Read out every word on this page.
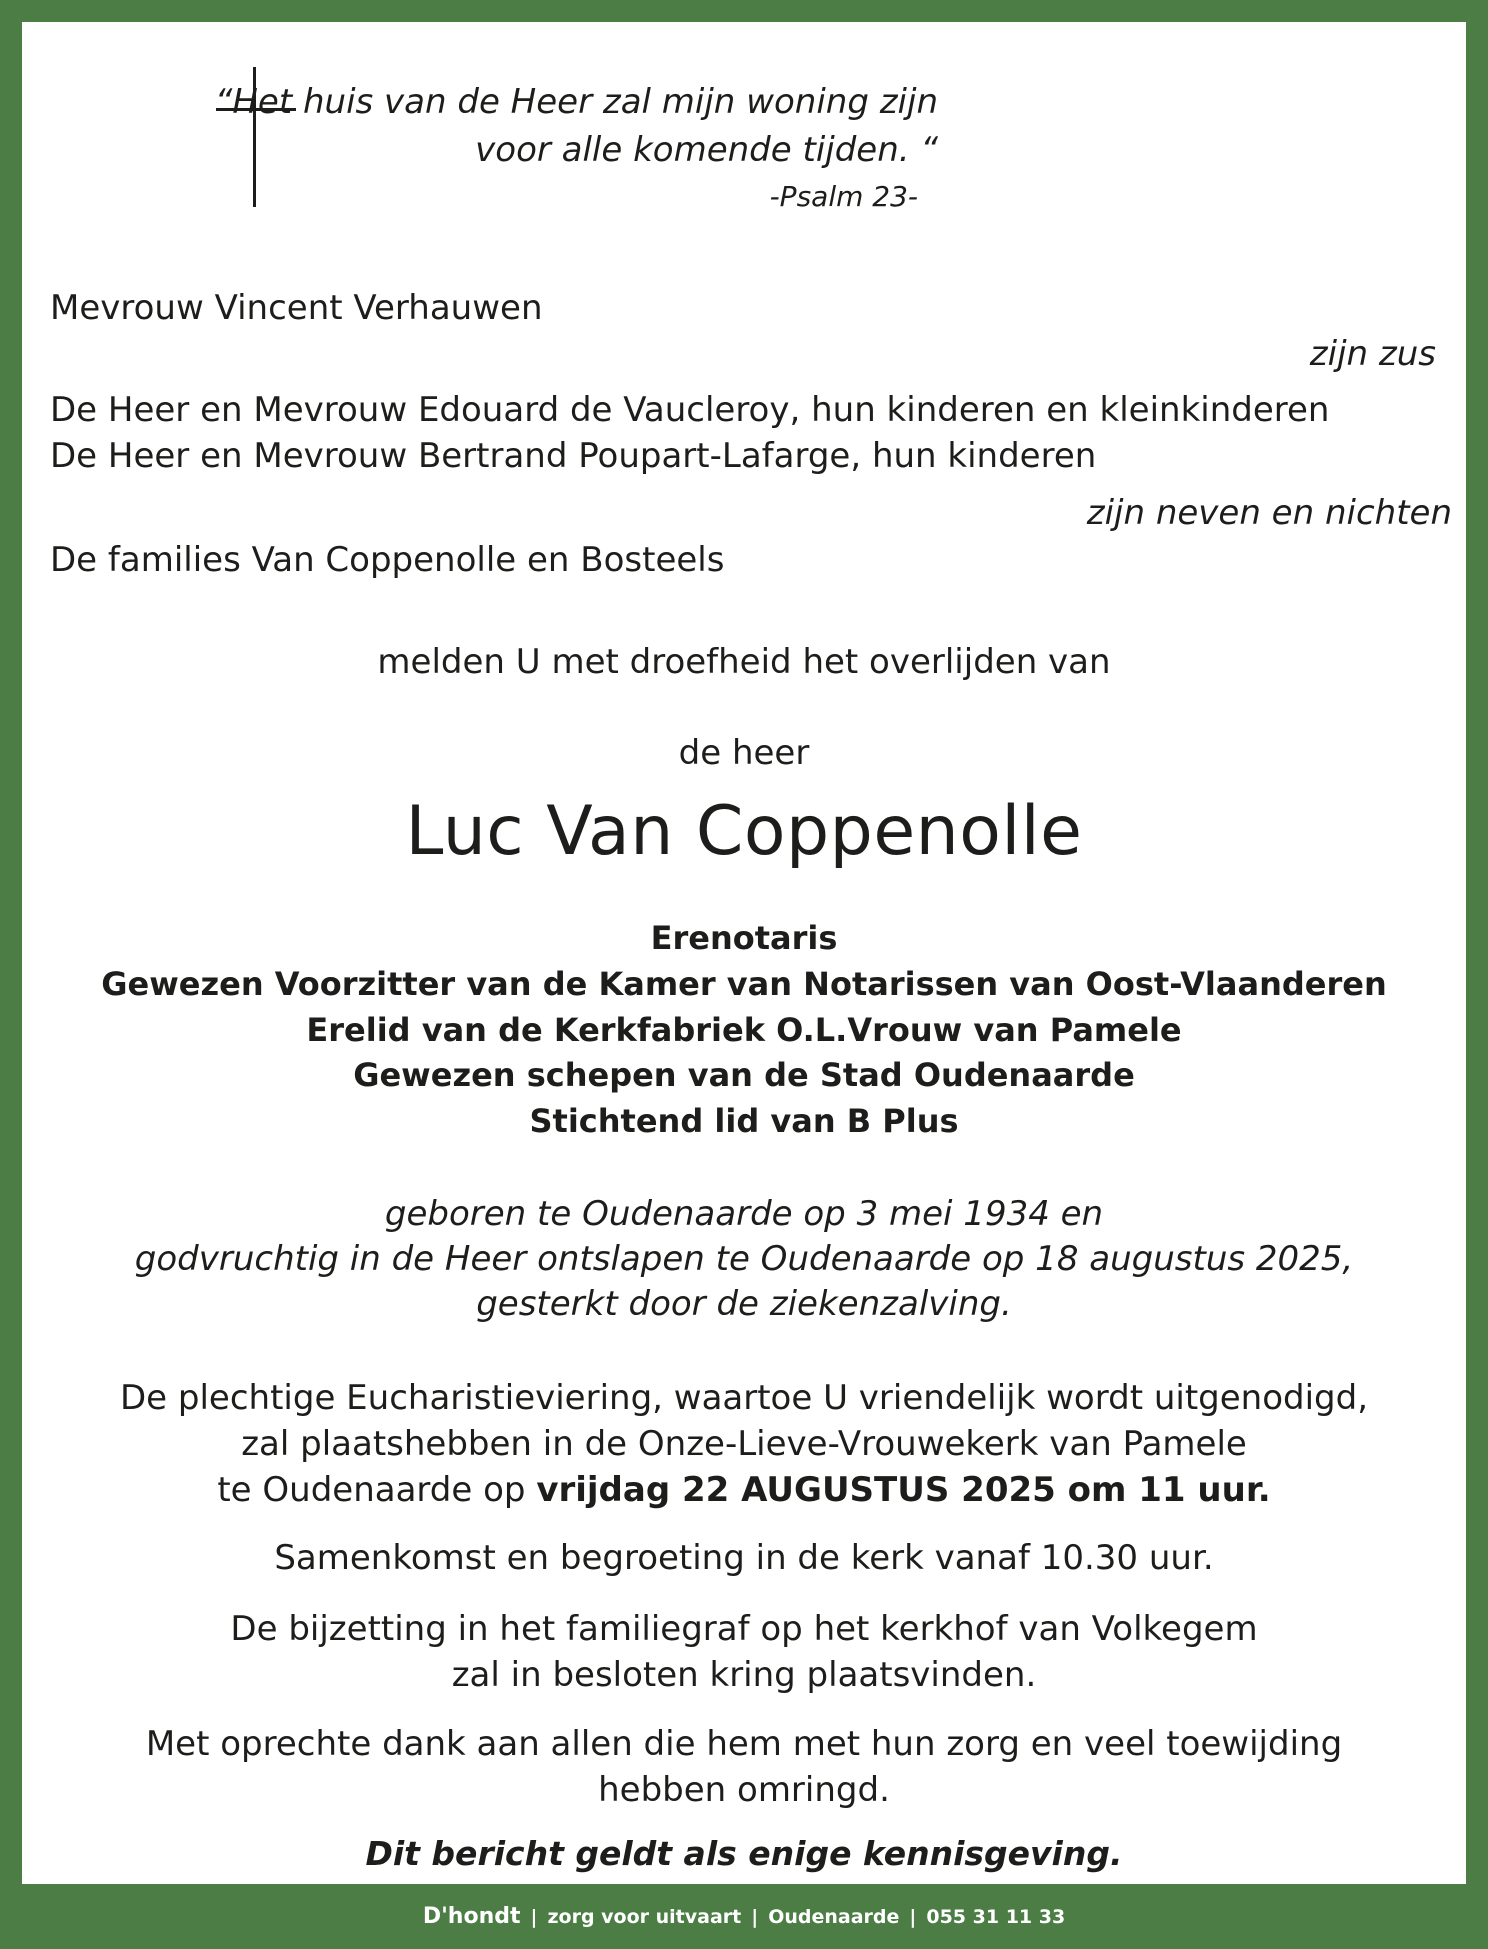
“Het huis van de Heer zal mijn woning zijn
voor alle komende tijden. “
-Psalm 23-
Mevrouw Vincent Verhauwen
zijn zus
De Heer en Mevrouw Edouard de Vaucleroy, hun kinderen en kleinkinderen
De Heer en Mevrouw Bertrand Poupart-Lafarge, hun kinderen
zijn neven en nichten
De families Van Coppenolle en Bosteels
melden U met droefheid het overlijden van
de heer
Luc Van Coppenolle
Erenotaris
Gewezen Voorzitter van de Kamer van Notarissen van Oost-Vlaanderen
Erelid van de Kerkfabriek O.L.Vrouw van Pamele
Gewezen schepen van de Stad Oudenaarde
Stichtend lid van B Plus
geboren te Oudenaarde op 3 mei 1934 en
godvruchtig in de Heer ontslapen te Oudenaarde op 18 augustus 2025,
gesterkt door de ziekenzalving.
De plechtige Eucharistieviering, waartoe U vriendelijk wordt uitgenodigd,
zal plaatshebben in de Onze-Lieve-Vrouwekerk van Pamele
te Oudenaarde op vrijdag 22 AUGUSTUS 2025 om 11 uur.
Samenkomst en begroeting in de kerk vanaf 10.30 uur.
De bijzetting in het familiegraf op het kerkhof van Volkegem
zal in besloten kring plaatsvinden.
Met oprechte dank aan allen die hem met hun zorg en veel toewijding
hebben omringd.
Dit bericht geldt als enige kennisgeving.
D'hondt | zorg voor uitvaart | Oudenaarde | 055 31 11 33
